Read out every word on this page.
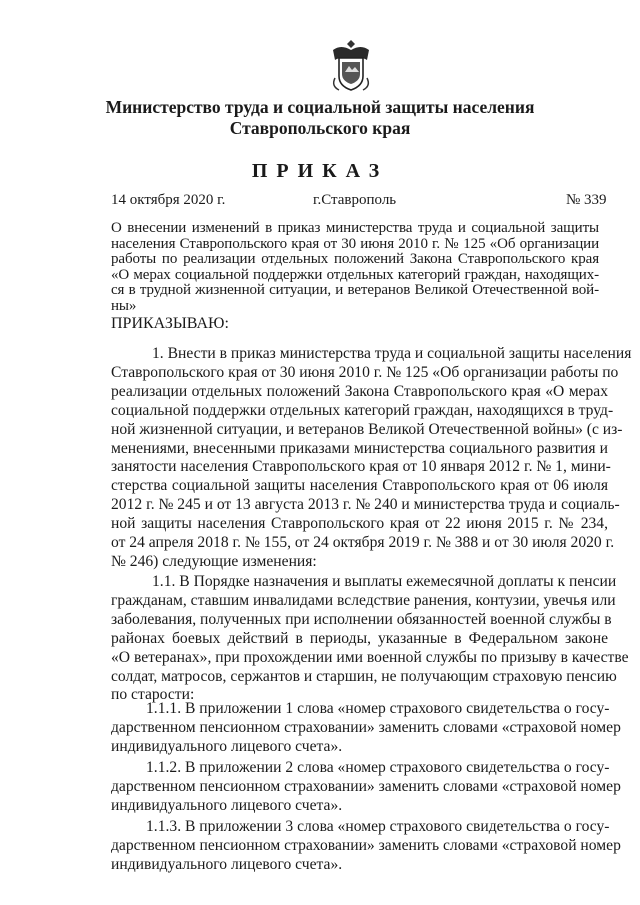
Министерство труда и социальной защиты населения
Ставропольского края
ПРИКАЗ
14 октября 2020 г.	г.Ставрополь	№ 339
О внесении изменений в приказ министерства труда и социальной защиты
населения Ставропольского края от 30 июня 2010 г. № 125 «Об организации
работы по реализации отдельных положений Закона Ставропольского края
«О мерах социальной поддержки отдельных категорий граждан, находящих-
ся в трудной жизненной ситуации, и ветеранов Великой Отечественной вой-
ны»
ПРИКАЗЫВАЮ:
1. Внести в приказ министерства труда и социальной защиты населения
Ставропольского края от 30 июня 2010 г. № 125 «Об организации работы по
реализации отдельных положений Закона Ставропольского края «О мерах
социальной поддержки отдельных категорий граждан, находящихся в труд-
ной жизненной ситуации, и ветеранов Великой Отечественной войны» (с из-
менениями, внесенными приказами министерства социального развития и
занятости населения Ставропольского края от 10 января 2012 г. № 1, мини-
стерства социальной защиты населения Ставропольского края от 06 июля
2012 г. № 245 и от 13 августа 2013 г. № 240 и министерства труда и социаль-
ной защиты населения Ставропольского края от 22 июня 2015 г. № 234,
от 24 апреля 2018 г. № 155, от 24 октября 2019 г. № 388 и от 30 июля 2020 г.
№ 246) следующие изменения:
1.1. В Порядке назначения и выплаты ежемесячной доплаты к пенсии
гражданам, ставшим инвалидами вследствие ранения, контузии, увечья или
заболевания, полученных при исполнении обязанностей военной службы в
районах боевых действий в периоды, указанные в Федеральном законе
«О ветеранах», при прохождении ими военной службы по призыву в качестве
солдат, матросов, сержантов и старшин, не получающим страховую пенсию
по старости:
1.1.1. В приложении 1 слова «номер страхового свидетельства о госу-
дарственном пенсионном страховании» заменить словами «страховой номер
индивидуального лицевого счета».
1.1.2. В приложении 2 слова «номер страхового свидетельства о госу-
дарственном пенсионном страховании» заменить словами «страховой номер
индивидуального лицевого счета».
1.1.3. В приложении 3 слова «номер страхового свидетельства о госу-
дарственном пенсионном страховании» заменить словами «страховой номер
индивидуального лицевого счета».
